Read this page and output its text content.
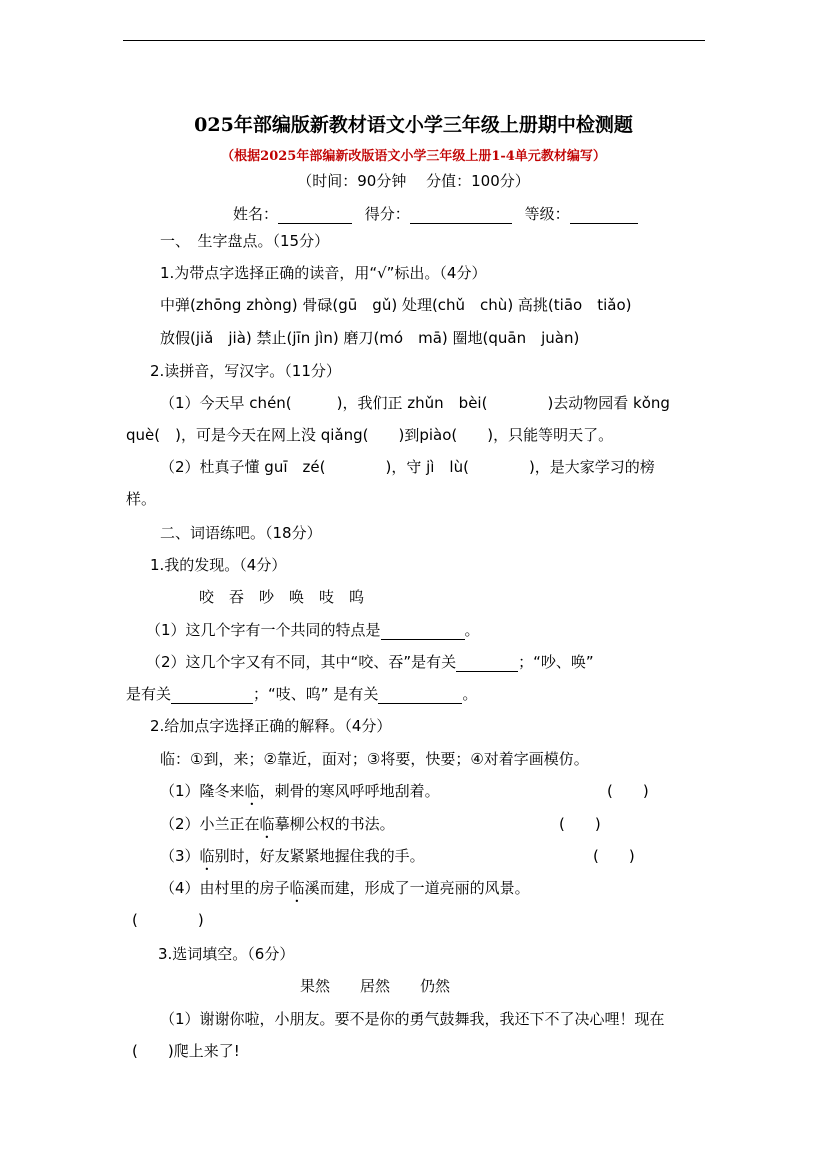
025年部编版新教材语文小学三年级上册期中检测题
（根据2025年部编新改版语文小学三年级上册1-4单元教材编写）
（时间：90分钟　 分值：100分）
姓名：	得分：	等级：
一、　生字盘点。（15分）
1.为带点字选择正确的读音，用“√”标出。（4分）
中弹(zhōng zhòng) 骨碌(gū　gǔ) 处理(chǔ　chù) 高挑(tiāo　tiǎo)
放假(jiǎ　jià) 禁止(jīn jìn) 磨刀(mó　mā) 圈地(quān　juàn)
2.读拼音，写汉字。（11分）
（1）今天早 chén(　　　)，我们正 zhǔn　bèi(　　　　)去动物园看 kǒng
què(　)，可是今天在网上没 qiǎng(　　)到piào(　　)，只能等明天了。
（2）杜真子懂 guī　zé(　　　　)，守 jì　lù(　　　　)，是大家学习的榜
样。
二、词语练吧。（18分）
1.我的发现。（4分）
咬　吞　吵　唤　吱　呜
（1）这几个字有一个共同的特点是	。
（2）这几个字又有不同，其中“咬、吞”是有关	；“吵、唤”
是有关	；“吱、呜” 是有关	。
2.给加点字选择正确的解释。（4分）
临：①到，来；②靠近，面对；③将要，快要；④对着字画模仿。
（1）隆冬来临，刺骨的寒风呼呼地刮着。	(　　)
（2）小兰正在临摹柳公权的书法。	(　　)
（3）临别时，好友紧紧地握住我的手。	(　　)
（4）由村里的房子临溪而建，形成了一道亮丽的风景。
(　　　　)
3.选词填空。（6分）
果然　　居然　　仍然
（1）谢谢你啦，小朋友。要不是你的勇气鼓舞我，我还下不了决心哩！现在
(　　)爬上来了!
